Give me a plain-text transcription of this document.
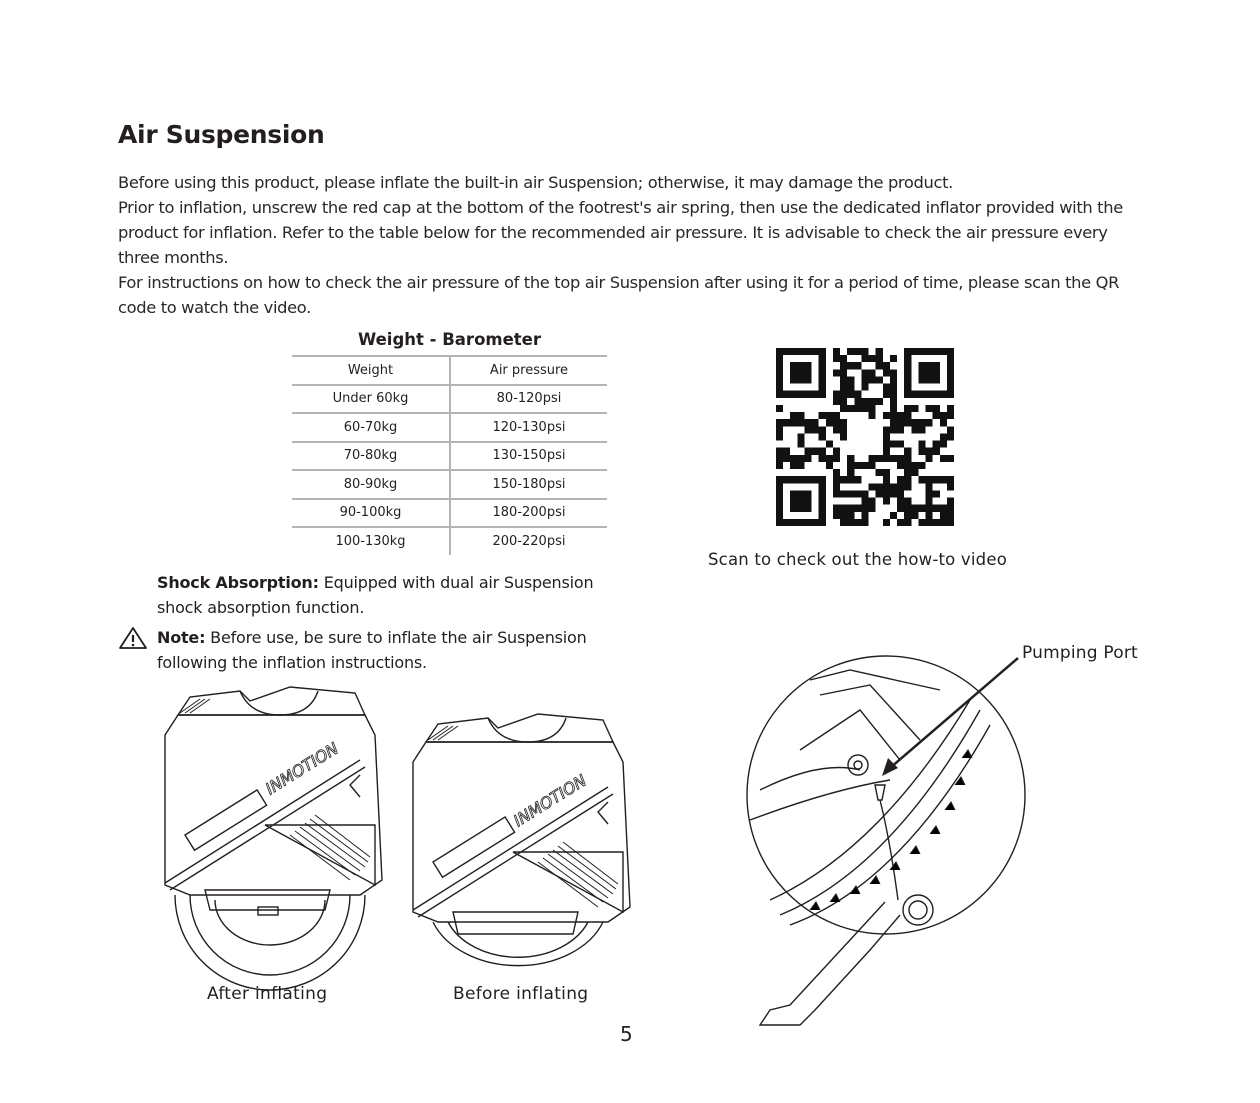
Air Suspension
Before using this product, please inflate the built-in air Suspension; otherwise, it may damage the product.
Prior to inflation, unscrew the red cap at the bottom of the footrest's air spring, then use the dedicated inflator provided with the product for inflation. Refer to the table below for the recommended air pressure. It is advisable to check the air pressure every three months.
For instructions on how to check the air pressure of the top air Suspension after using it for a period of time, please scan the QR code to watch the video.
Weight - Barometer
Weight	Air pressure
Under 60kg	80-120psi
60-70kg	120-130psi
70-80kg	130-150psi
80-90kg	150-180psi
90-100kg	180-200psi
100-130kg	200-220psi
Scan to check out the how-to video
Shock Absorption: Equipped with dual air Suspension shock absorption function.
Note: Before use, be sure to inflate the air Suspension following the inflation instructions.
INMOTION
After inflating
INMOTION
Before inflating
Pumping Port
5
